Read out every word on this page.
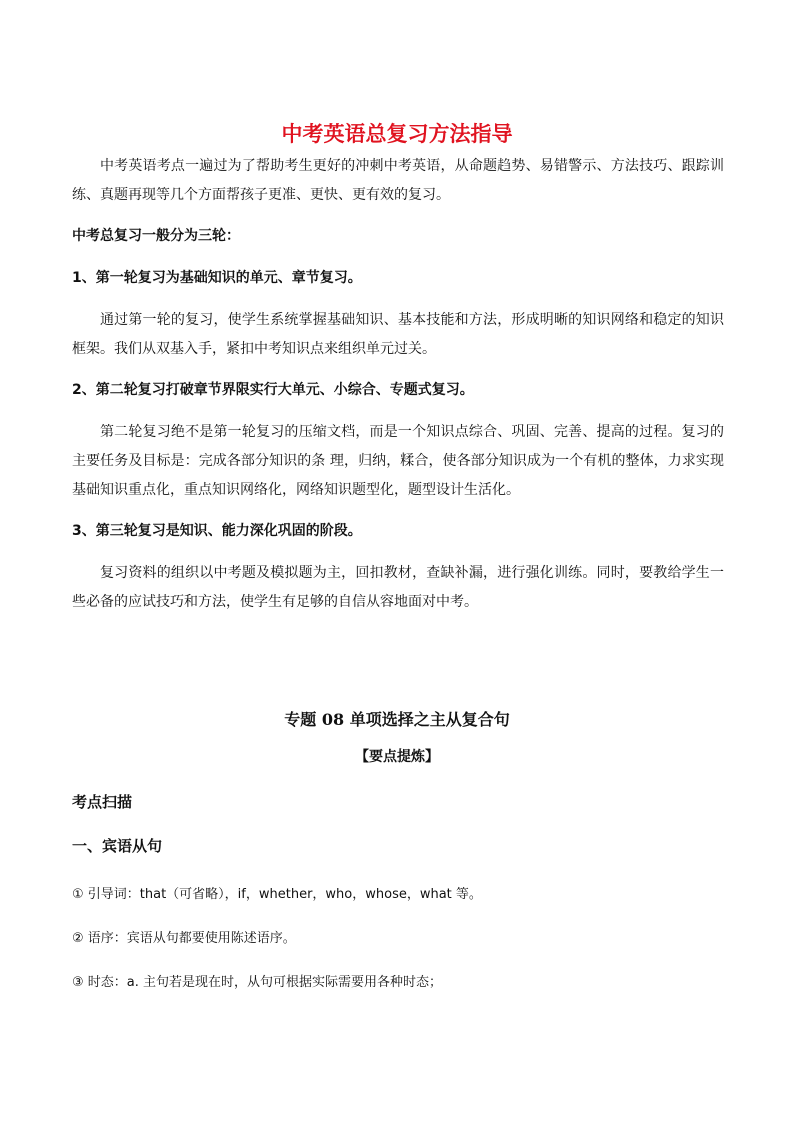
中考英语总复习方法指导

中考英语考点一遍过为了帮助考生更好的冲刺中考英语，从命题趋势、易错警示、方法技巧、跟踪训练、真题再现等几个方面帮孩子更准、更快、更有效的复习。

中考总复习一般分为三轮：

1、第一轮复习为基础知识的单元、章节复习。

通过第一轮的复习，使学生系统掌握基础知识、基本技能和方法，形成明晰的知识网络和稳定的知识框架。我们从双基入手，紧扣中考知识点来组织单元过关。

2、第二轮复习打破章节界限实行大单元、小综合、专题式复习。

第二轮复习绝不是第一轮复习的压缩文档，而是一个知识点综合、巩固、完善、提高的过程。复习的主要任务及目标是：完成各部分知识的条 理，归纳，糅合，使各部分知识成为一个有机的整体，力求实现基础知识重点化，重点知识网络化，网络知识题型化，题型设计生活化。

3、第三轮复习是知识、能力深化巩固的阶段。

复习资料的组织以中考题及模拟题为主，回扣教材，查缺补漏，进行强化训练。同时，要教给学生一些必备的应试技巧和方法，使学生有足够的自信从容地面对中考。

专题 08 单项选择之主从复合句

【要点提炼】

考点扫描

一、宾语从句

① 引导词：that（可省略），if，whether，who，whose，what 等。

② 语序：宾语从句都要使用陈述语序。

③ 时态：a. 主句若是现在时，从句可根据实际需要用各种时态；
